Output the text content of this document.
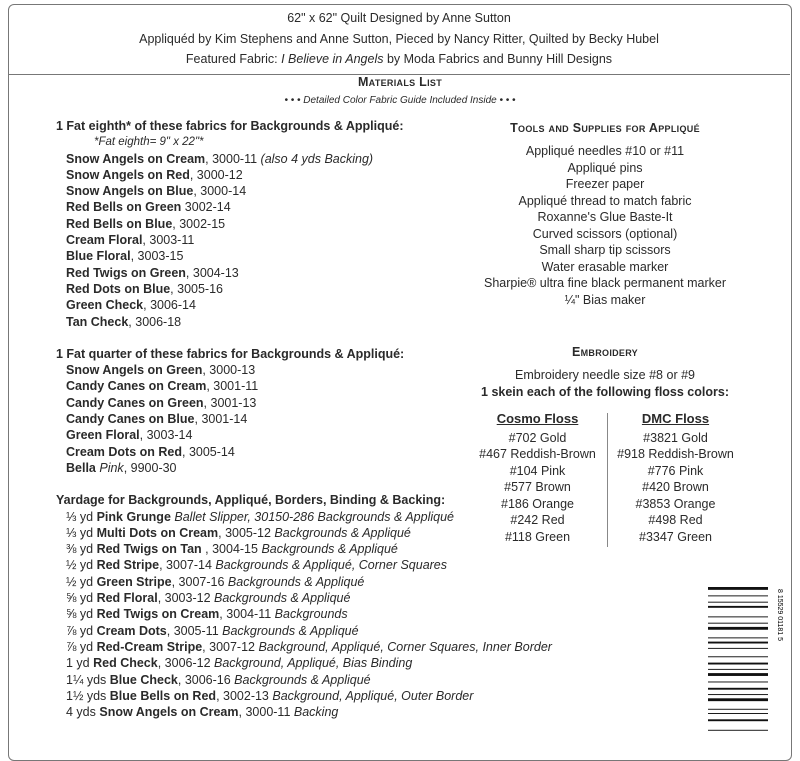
62" x 62" Quilt Designed by Anne Sutton
Appliquéd by Kim Stephens and Anne Sutton, Pieced by Nancy Ritter, Quilted by Becky Hubel
Featured Fabric: I Believe in Angels by Moda Fabrics and Bunny Hill Designs
Materials List
• • • Detailed Color Fabric Guide Included Inside • • •
1 Fat eighth* of these fabrics for Backgrounds & Appliqué:
*Fat eighth= 9" x 22"*
Snow Angels on Cream, 3000-11 (also 4 yds Backing)
Snow Angels on Red, 3000-12
Snow Angels on Blue, 3000-14
Red Bells on Green 3002-14
Red Bells on Blue, 3002-15
Cream Floral, 3003-11
Blue Floral, 3003-15
Red Twigs on Green, 3004-13
Red Dots on Blue, 3005-16
Green Check, 3006-14
Tan Check, 3006-18
1 Fat quarter of these fabrics for Backgrounds & Appliqué:
Snow Angels on Green, 3000-13
Candy Canes on Cream, 3001-11
Candy Canes on Green, 3001-13
Candy Canes on Blue, 3001-14
Green Floral, 3003-14
Cream Dots on Red, 3005-14
Bella Pink, 9900-30
Yardage for Backgrounds, Appliqué, Borders, Binding & Backing:
⅓ yd Pink Grunge Ballet Slipper, 30150-286 Backgrounds & Appliqué
⅓ yd Multi Dots on Cream, 3005-12 Backgrounds & Appliqué
⅜ yd Red Twigs on Tan , 3004-15 Backgrounds & Appliqué
½ yd Red Stripe, 3007-14 Backgrounds & Appliqué, Corner Squares
½ yd Green Stripe, 3007-16 Backgrounds & Appliqué
⅝ yd Red Floral, 3003-12 Backgrounds & Appliqué
⅝ yd Red Twigs on Cream, 3004-11 Backgrounds
⅞ yd Cream Dots, 3005-11 Backgrounds & Appliqué
⅞ yd Red-Cream Stripe, 3007-12 Background, Appliqué, Corner Squares, Inner Border
1 yd Red Check, 3006-12 Background, Appliqué, Bias Binding
1¼ yds Blue Check, 3006-16 Backgrounds & Appliqué
1½ yds Blue Bells on Red, 3002-13 Background, Appliqué, Outer Border
4 yds Snow Angels on Cream, 3000-11 Backing
Tools and Supplies for Appliqué
Appliqué needles #10 or #11
Appliqué pins
Freezer paper
Appliqué thread to match fabric
Roxanne's Glue Baste-It
Curved scissors (optional)
Small sharp tip scissors
Water erasable marker
Sharpie® ultra fine black permanent marker
¼" Bias maker
Embroidery
Embroidery needle size #8 or #9
1 skein each of the following floss colors:
Cosmo Floss
#702 Gold
#467 Reddish-Brown
#104 Pink
#577 Brown
#186 Orange
#242 Red
#118 Green
DMC Floss
#3821 Gold
#918 Reddish-Brown
#776 Pink
#420 Brown
#3853 Orange
#498 Red
#3347 Green
8 15529 01181 5
